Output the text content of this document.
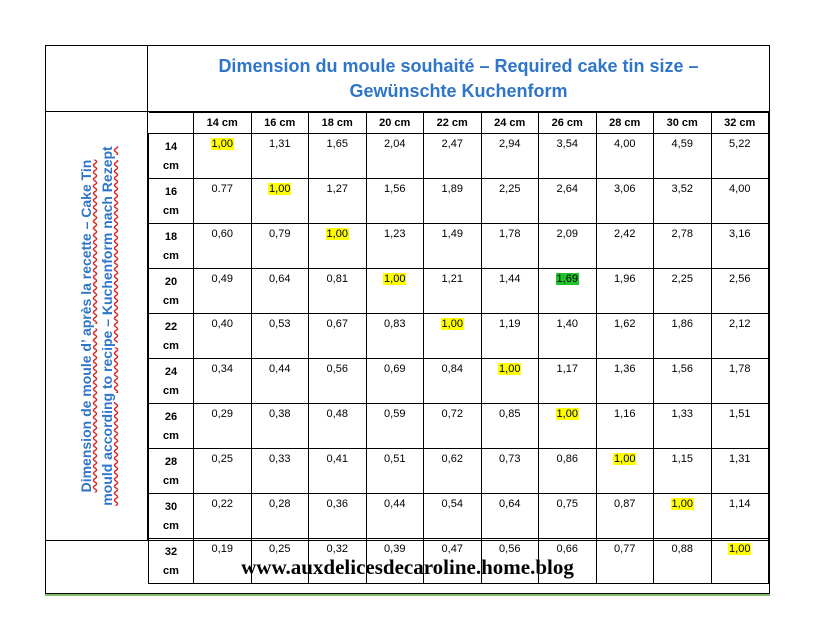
Dimension du moule souhaité – Required cake tin size –
Gewünschte Kuchenform
Dimension de moule d’ après la recette – Cake Tin mould according to recipe – Kuchenform nach Rezept
	14 cm	16 cm	18 cm	20 cm	22 cm	24 cm	26 cm	28 cm	30 cm	32 cm

14
cm	1,00	1,31	1,65	2,04	2,47	2,94	3,54	4,00	4,59	5,22

16
cm	0.77	1,00	1,27	1,56	1,89	2,25	2,64	3,06	3,52	4,00

18
cm	0,60	0,79	1,00	1,23	1,49	1,78	2,09	2,42	2,78	3,16

20
cm	0,49	0,64	0,81	1,00	1,21	1,44	1,69	1,96	2,25	2,56

22
cm	0,40	0,53	0,67	0,83	1,00	1,19	1,40	1,62	1,86	2,12

24
cm	0,34	0,44	0,56	0,69	0,84	1,00	1,17	1,36	1,56	1,78

26
cm	0,29	0,38	0,48	0,59	0,72	0,85	1,00	1,16	1,33	1,51

28
cm	0,25	0,33	0,41	0,51	0,62	0,73	0,86	1,00	1,15	1,31

30
cm	0,22	0,28	0,36	0,44	0,54	0,64	0,75	0,87	1,00	1,14

32
cm	0,19	0,25	0,32	0,39	0,47	0,56	0,66	0,77	0,88	1,00
www.auxdelicesdecaroline.home.blog
